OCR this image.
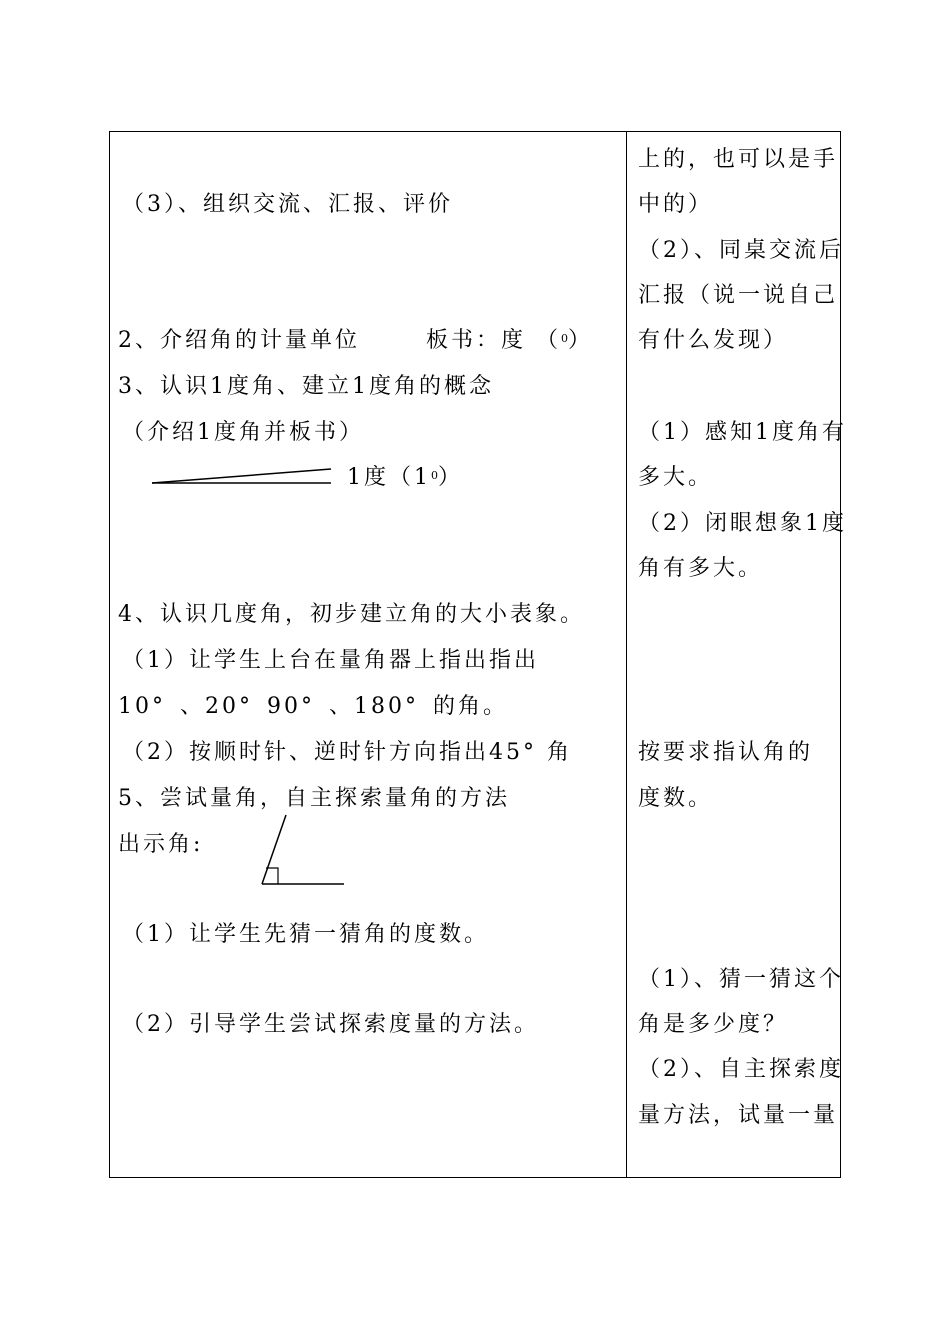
（3）、组织交流、汇报、评价
2、介绍角的计量单位	板书：度 （$^0$）
3、认识1度角、建立1度角的概念
（介绍1度角并板书）
1度$(1^0)$
4、认识几度角，初步建立角的大小表象。
（1）让学生上台在量角器上指出指出
10° 、20° 90° 、180° 的角。
（2）按顺时针、逆时针方向指出45° 角
5、尝试量角，自主探索量角的方法
出示角:
（1）让学生先猜一猜角的度数。
（2）引导学生尝试探索度量的方法。
上的，也可以是手
中的）
（2）、同桌交流后
汇报（说一说自己
有什么发现）
（1）感知1度角有
多大。
（2）闭眼想象1度
角有多大。
按要求指认角的
度数。
（1）、猜一猜这个
角是多少度？
（2）、自主探索度
量方法，试量一量
